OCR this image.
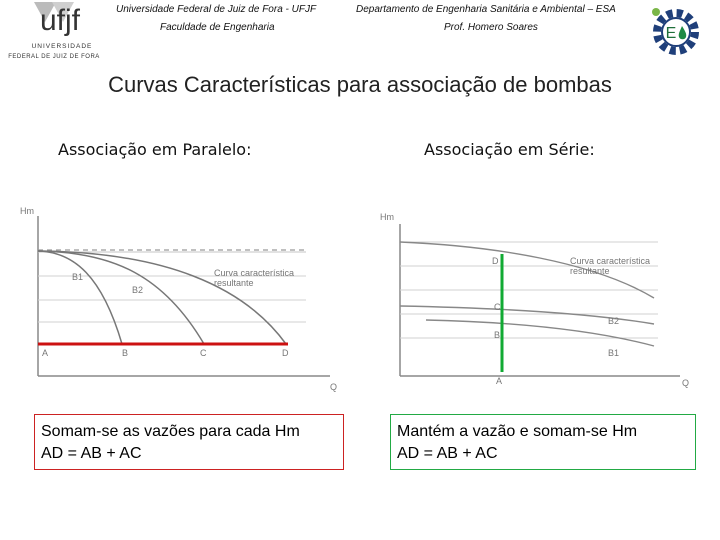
ufjf
UNIVERSIDADE
FEDERAL DE JUIZ DE FORA
Universidade Federal de Juiz de Fora - UFJF
Faculdade de Engenharia
Departamento de Engenharia Sanitária e Ambiental – ESA
Prof. Homero Soares	E
Curvas Características para associação de bombas
Associação em Paralelo:	Associação em Série:
Hm
Q
B1
B2
Curva característica
resultante
A	B	C	D
Hm
Q
D
C
B
A
Curva característica
resultante
B2
B1
Somam-se as vazões para cada Hm
AD = AB + AC
Mantém a vazão e somam-se Hm
AD = AB + AC
